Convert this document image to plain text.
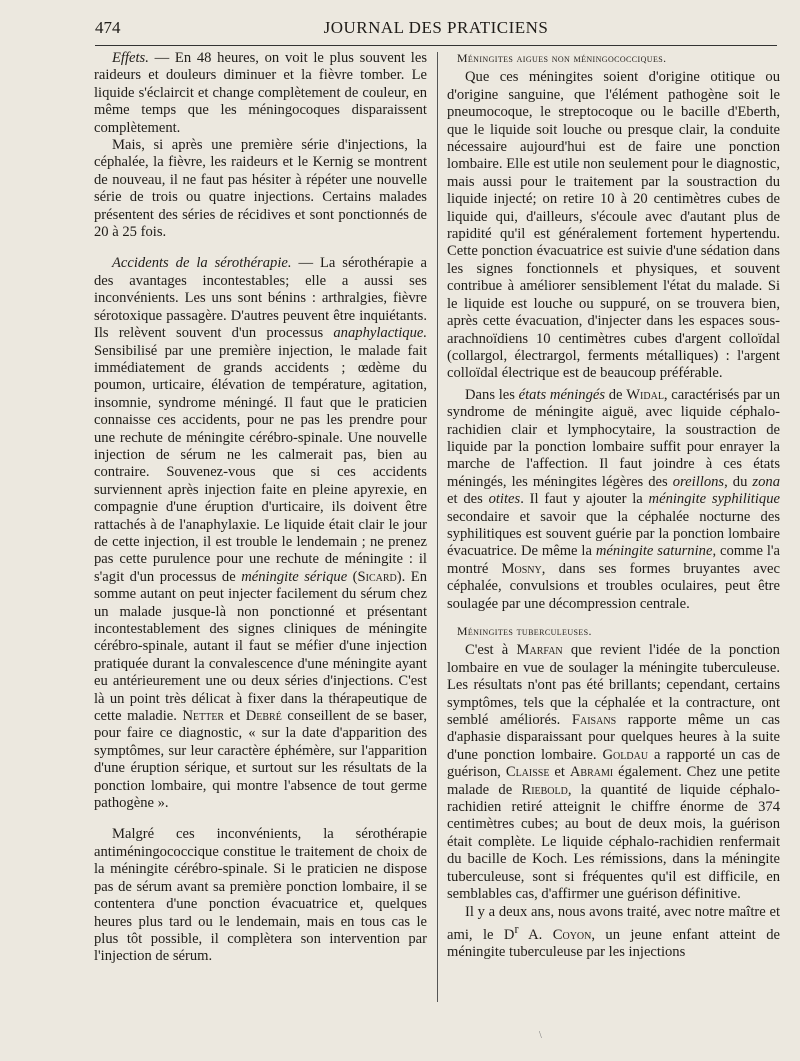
474	JOURNAL DES PRATICIENS

Effets. — En 48 heures, on voit le plus souvent les raideurs et douleurs diminuer et la fièvre tomber. Le liquide s'éclaircit et change complètement de couleur, en même temps que les méningocoques disparaissent complètement.

Mais, si après une première série d'injections, la céphalée, la fièvre, les raideurs et le Kernig se montrent de nouveau, il ne faut pas hésiter à répéter une nouvelle série de trois ou quatre injections. Certains malades présentent des séries de récidives et sont ponctionnés de 20 à 25 fois.

Accidents de la sérothérapie. — La sérothérapie a des avantages incontestables; elle a aussi ses inconvénients. Les uns sont bénins : arthralgies, fièvre sérotoxique passagère. D'autres peuvent être inquiétants. Ils relèvent souvent d'un processus anaphylactique. Sensibilisé par une première injection, le malade fait immédiatement de grands accidents ; œdème du poumon, urticaire, élévation de température, agitation, insomnie, syndrome méningé. Il faut que le praticien connaisse ces accidents, pour ne pas les prendre pour une rechute de méningite cérébro-spinale. Une nouvelle injection de sérum ne les calmerait pas, bien au contraire. Souvenez-vous que si ces accidents surviennent après injection faite en pleine apyrexie, en compagnie d'une éruption d'urticaire, ils doivent être rattachés à de l'anaphylaxie. Le liquide était clair le jour de cette injection, il est trouble le lendemain ; ne prenez pas cette purulence pour une rechute de méningite : il s'agit d'un processus de méningite sérique (Sicard). En somme autant on peut injecter facilement du sérum chez un malade jusque-là non ponctionné et présentant incontestablement des signes cliniques de méningite cérébro-spinale, autant il faut se méfier d'une injection pratiquée durant la convalescence d'une méningite ayant eu antérieurement une ou deux séries d'injections. C'est là un point très délicat à fixer dans la thérapeutique de cette maladie. Netter et Debré conseillent de se baser, pour faire ce diagnostic, « sur la date d'apparition des symptômes, sur leur caractère éphémère, sur l'apparition d'une éruption sérique, et surtout sur les résultats de la ponction lombaire, qui montre l'absence de tout germe pathogène ».

Malgré ces inconvénients, la sérothérapie antiméningococcique constitue le traitement de choix de la méningite cérébro-spinale. Si le praticien ne dispose pas de sérum avant sa première ponction lombaire, il se contentera d'une ponction évacuatrice et, quelques heures plus tard ou le lendemain, mais en tous cas le plus tôt possible, il complètera son intervention par l'injection de sérum.

Méningites aigues non méningococciques.

Que ces méningites soient d'origine otitique ou d'origine sanguine, que l'élément pathogène soit le pneumocoque, le streptocoque ou le bacille d'Eberth, que le liquide soit louche ou presque clair, la conduite nécessaire aujourd'hui est de faire une ponction lombaire. Elle est utile non seulement pour le diagnostic, mais aussi pour le traitement par la soustraction du liquide injecté; on retire 10 à 20 centimètres cubes de liquide qui, d'ailleurs, s'écoule avec d'autant plus de rapidité qu'il est généralement fortement hypertendu. Cette ponction évacuatrice est suivie d'une sédation dans les signes fonctionnels et physiques, et souvent contribue à améliorer sensiblement l'état du malade. Si le liquide est louche ou suppuré, on se trouvera bien, après cette évacuation, d'injecter dans les espaces sous-arachnoïdiens 10 centimètres cubes d'argent colloïdal (collargol, électrargol, ferments métalliques) : l'argent colloïdal électrique est de beaucoup préférable.

Dans les états méningés de Widal, caractérisés par un syndrome de méningite aiguë, avec liquide céphalo-rachidien clair et lymphocytaire, la soustraction de liquide par la ponction lombaire suffit pour enrayer la marche de l'affection. Il faut joindre à ces états méningés, les méningites légères des oreillons, du zona et des otites. Il faut y ajouter la méningite syphilitique secondaire et savoir que la céphalée nocturne des syphilitiques est souvent guérie par la ponction lombaire évacuatrice. De même la méningite saturnine, comme l'a montré Mosny, dans ses formes bruyantes avec céphalée, convulsions et troubles oculaires, peut être soulagée par une décompression centrale.

Méningites tuberculeuses.

C'est à Marfan que revient l'idée de la ponction lombaire en vue de soulager la méningite tuberculeuse. Les résultats n'ont pas été brillants; cependant, certains symptômes, tels que la céphalée et la contracture, ont semblé améliorés. Faisans rapporte même un cas d'aphasie disparaissant pour quelques heures à la suite d'une ponction lombaire. Goldau a rapporté un cas de guérison, Claisse et Abrami également. Chez une petite malade de Riebold, la quantité de liquide céphalo-rachidien retiré atteignit le chiffre énorme de 374 centimètres cubes; au bout de deux mois, la guérison était complète. Le liquide céphalo-rachidien renfermait du bacille de Koch. Les rémissions, dans la méningite tuberculeuse, sont si fréquentes qu'il est difficile, en semblables cas, d'affirmer une guérison définitive.

Il y a deux ans, nous avons traité, avec notre maître et ami, le $D^r$ A. Coyon, un jeune enfant atteint de méningite tuberculeuse par les injections

\
